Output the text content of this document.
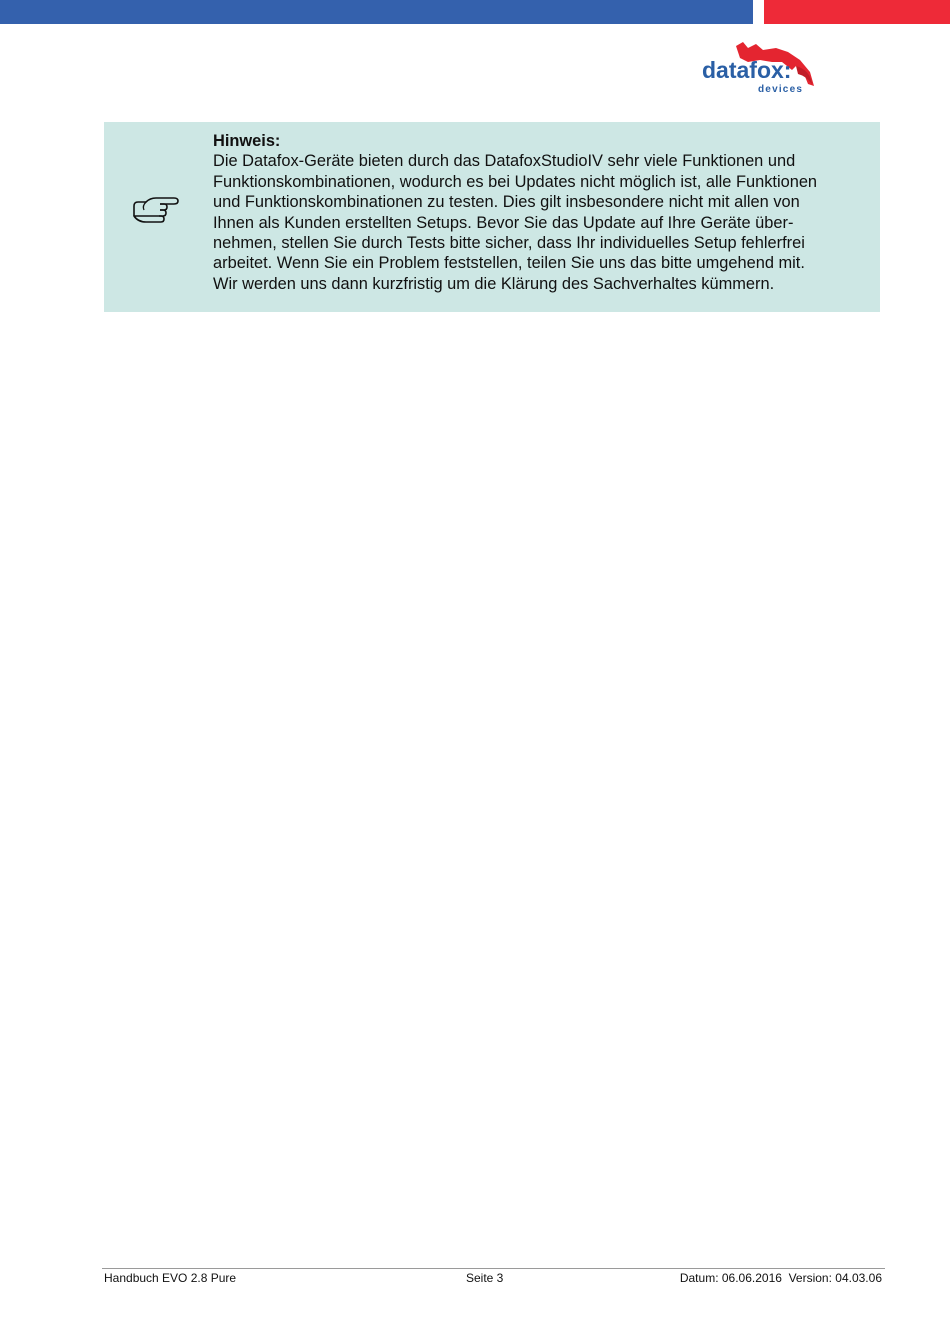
datafox:
devices

Hinweis:

Die Datafox-Geräte bieten durch das DatafoxStudioIV sehr viele Funktionen und

Funktionskombinationen, wodurch es bei Updates nicht möglich ist, alle Funktionen

und Funktionskombinationen zu testen. Dies gilt insbesondere nicht mit allen von

Ihnen als Kunden erstellten Setups. Bevor Sie das Update auf Ihre Geräte über-

nehmen, stellen Sie durch Tests bitte sicher, dass Ihr individuelles Setup fehlerfrei

arbeitet. Wenn Sie ein Problem feststellen, teilen Sie uns das bitte umgehend mit.

Wir werden uns dann kurzfristig um die Klärung des Sachverhaltes kümmern.

Handbuch EVO 2.8 Pure	Seite 3	Datum: 06.06.2016  Version: 04.03.06
